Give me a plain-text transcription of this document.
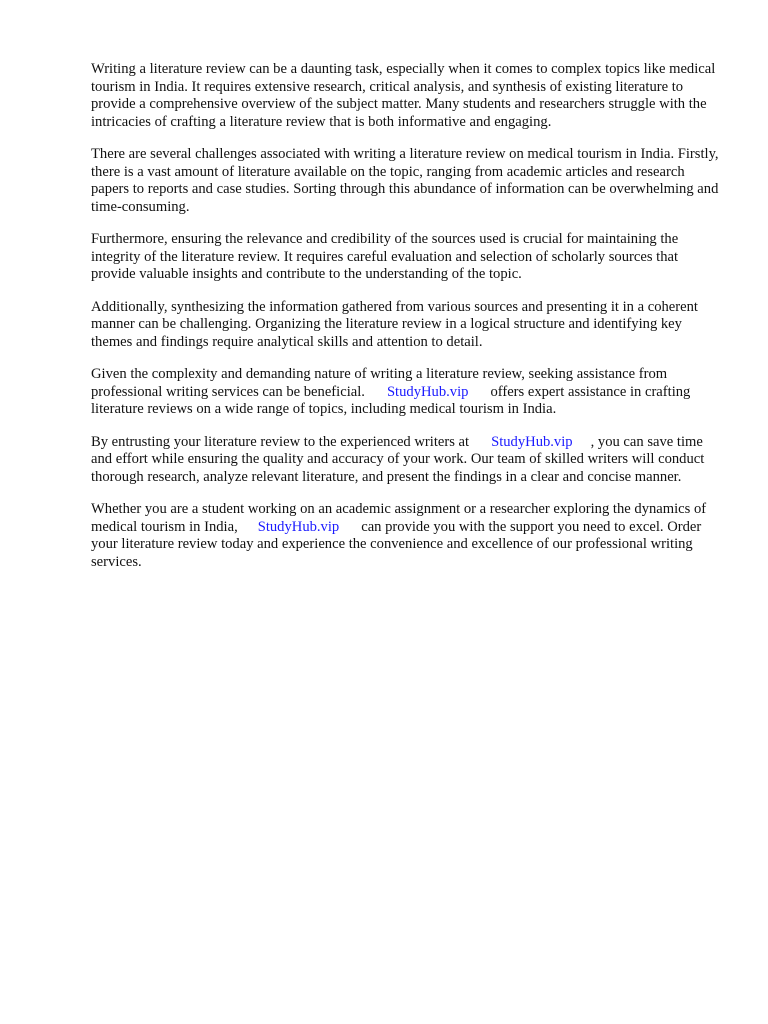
Writing a literature review can be a daunting task, especially when it comes to complex topics like medical tourism in India. It requires extensive research, critical analysis, and synthesis of existing literature to provide a comprehensive overview of the subject matter. Many students and researchers struggle with the intricacies of crafting a literature review that is both informative and engaging.

There are several challenges associated with writing a literature review on medical tourism in India. Firstly, there is a vast amount of literature available on the topic, ranging from academic articles and research papers to reports and case studies. Sorting through this abundance of information can be overwhelming and time-consuming.

Furthermore, ensuring the relevance and credibility of the sources used is crucial for maintaining the integrity of the literature review. It requires careful evaluation and selection of scholarly sources that provide valuable insights and contribute to the understanding of the topic.

Additionally, synthesizing the information gathered from various sources and presenting it in a coherent manner can be challenging. Organizing the literature review in a logical structure and identifying key themes and findings require analytical skills and attention to detail.

Given the complexity and demanding nature of writing a literature review, seeking assistance from professional writing services can be beneficial. StudyHub.vip offers expert assistance in crafting literature reviews on a wide range of topics, including medical tourism in India.

By entrusting your literature review to the experienced writers at StudyHub.vip , you can save time and effort while ensuring the quality and accuracy of your work. Our team of skilled writers will conduct thorough research, analyze relevant literature, and present the findings in a clear and concise manner.

Whether you are a student working on an academic assignment or a researcher exploring the dynamics of medical tourism in India, StudyHub.vip can provide you with the support you need to excel. Order your literature review today and experience the convenience and excellence of our professional writing services.
